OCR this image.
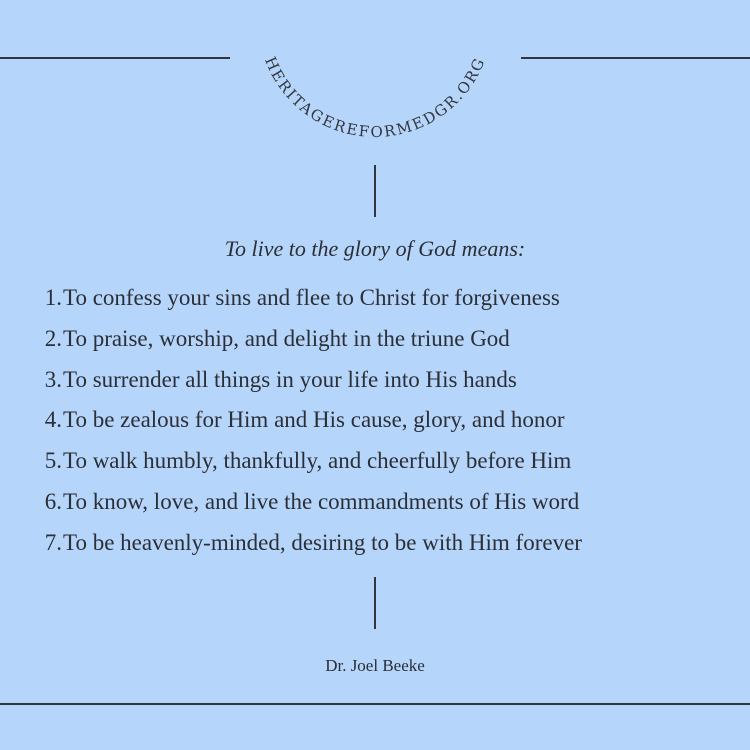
HERITAGEREFORMEDGR.ORG
To live to the glory of God means:
1.To confess your sins and flee to Christ for forgiveness
2.To praise, worship, and delight in the triune God
3.To surrender all things in your life into His hands
4.To be zealous for Him and His cause, glory, and honor
5.To walk humbly, thankfully, and cheerfully before Him
6.To know, love, and live the commandments of His word
7.To be heavenly-minded, desiring to be with Him forever
Dr. Joel Beeke
